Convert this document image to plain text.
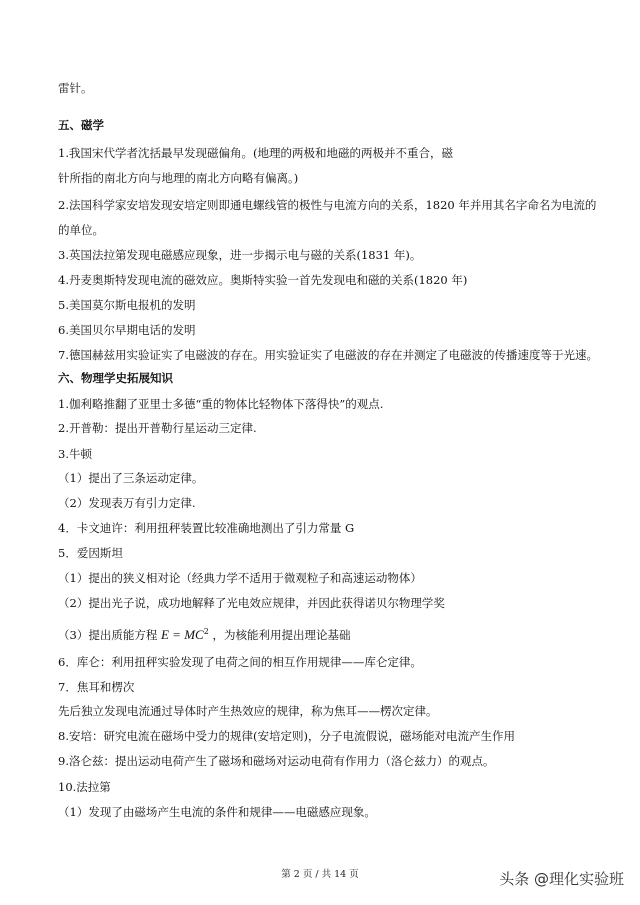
雷针。
五、磁学
1.我国宋代学者沈括最早发现磁偏角。(地理的两极和地磁的两极并不重合，磁
针所指的南北方向与地理的南北方向略有偏离。)
2.法国科学家安培发现安培定则即通电螺线管的极性与电流方向的关系，1820 年并用其名字命名为电流的
的单位。
3.英国法拉第发现电磁感应现象，进一步揭示电与磁的关系(1831 年)。
4.丹麦奥斯特发现电流的磁效应。奥斯特实验一首先发现电和磁的关系(1820 年)
5.美国莫尔斯电报机的发明
6.美国贝尔早期电话的发明
7.德国赫兹用实验证实了电磁波的存在。用实验证实了电磁波的存在并测定了电磁波的传播速度等于光速。
六、物理学史拓展知识
1.伽利略推翻了亚里士多德“重的物体比轻物体下落得快”的观点.
2.开普勒：提出开普勒行星运动三定律.
3.牛顿
（1）提出了三条运动定律。
（2）发现表万有引力定律.
4．卡文迪许：利用扭秤装置比较准确地测出了引力常量 G
5．爱因斯坦
（1）提出的狭义相对论（经典力学不适用于微观粒子和高速运动物体）
（2）提出光子说，成功地解释了光电效应规律，并因此获得诺贝尔物理学奖
（3）提出质能方程 $E = MC^2$ ，为核能利用提出理论基础
6．库仑：利用扭秤实验发现了电荷之间的相互作用规律——库仑定律。
7．焦耳和楞次
先后独立发现电流通过导体时产生热效应的规律，称为焦耳——楞次定律。
8.安培：研究电流在磁场中受力的规律(安培定则)，分子电流假说，磁场能对电流产生作用
9.洛仑兹：提出运动电荷产生了磁场和磁场对运动电荷有作用力（洛仑兹力）的观点。
10.法拉第
（1）发现了由磁场产生电流的条件和规律——电磁感应现象。
第 2 页 / 共 14 页	头条 @理化实验班
